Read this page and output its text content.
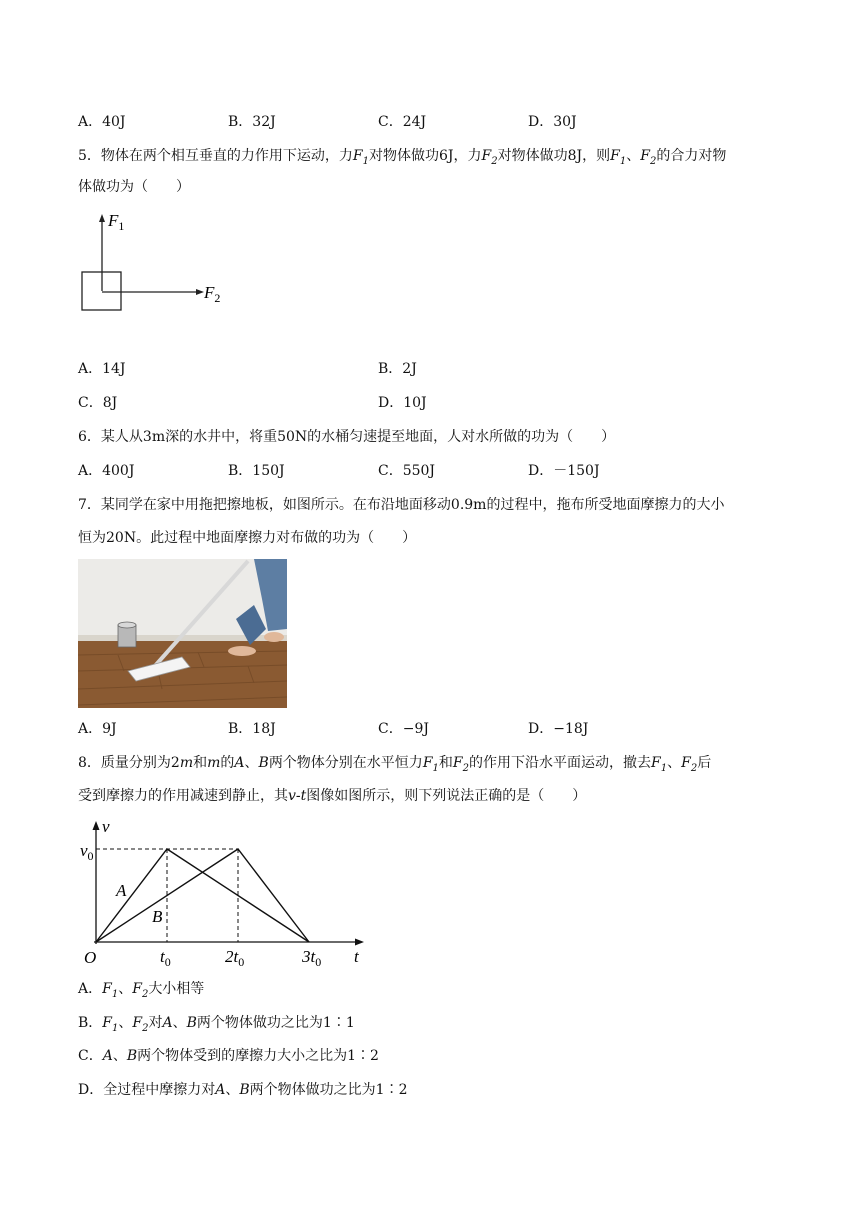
A．40J	B．32J	C．24J	D．30J
5．物体在两个相互垂直的力作用下运动，力$F_1$对物体做功6J，力$F_2$对物体做功8J，则$F_1$、$F_2$的合力对物
体做功为（　　）
$F_1$
$F_2$
A．14J	B．2J
C．8J	D．10J
6．某人从3m深的水井中，将重50N的水桶匀速提至地面，人对水所做的功为（　　）
A．400J	B．150J	C．550J	D．－150J
7．某同学在家中用拖把擦地板，如图所示。在布沿地面移动0.9m的过程中，拖布所受地面摩擦力的大小
恒为20N。此过程中地面摩擦力对布做的功为（　　）
A．9J	B．18J	C．−9J	D．−18J
8．质量分别为2m和m的A、B两个物体分别在水平恒力$F_1$和$F_2$的作用下沿水平面运动，撤去$F_1$、$F_2$后
受到摩擦力的作用减速到静止，其v-t图像如图所示，则下列说法正确的是（　　）
v
$v_0$
O	$t_0$	$2t_0$	$3t_0$ t
A
B
A．$F_1$、$F_2$大小相等
B．$F_1$、$F_2$对A、B两个物体做功之比为1∶1
C．A、B两个物体受到的摩擦力大小之比为1∶2
D．全过程中摩擦力对A、B两个物体做功之比为1∶2
